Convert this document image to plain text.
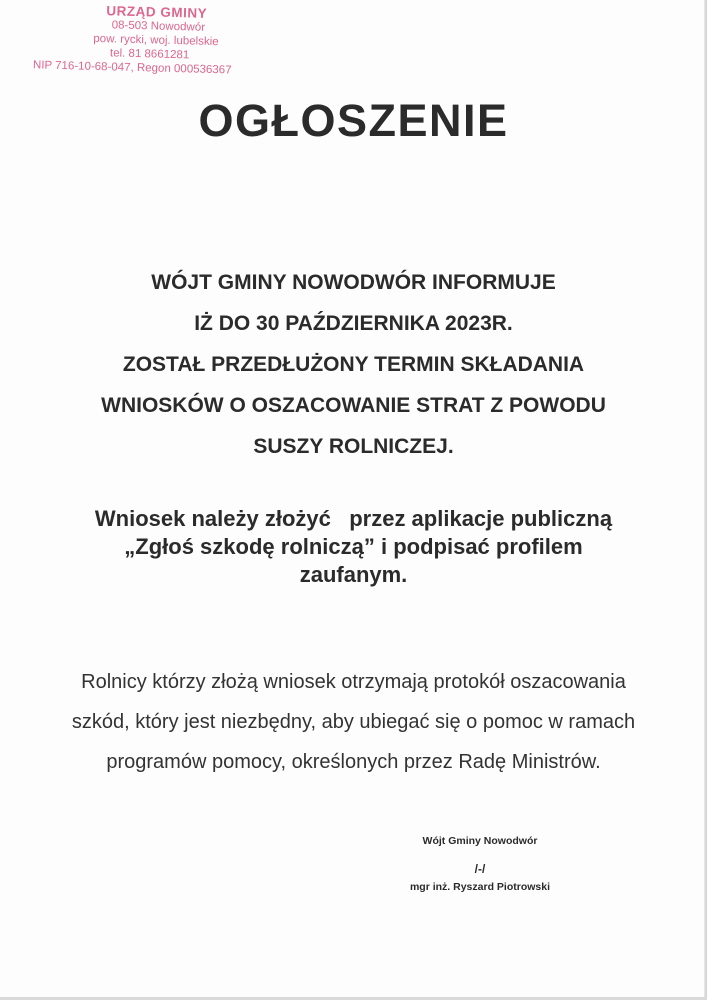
URZĄD GMINY
08-503 Nowodwór
pow. rycki, woj. lubelskie
tel. 81 8661281
NIP 716-10-68-047, Regon 000536367
OGŁOSZENIE
WÓJT GMINY NOWODWÓR INFORMUJE
IŻ DO 30 PAŹDZIERNIKA 2023R.
ZOSTAŁ PRZEDŁUŻONY TERMIN SKŁADANIA
WNIOSKÓW O OSZACOWANIE STRAT Z POWODU
SUSZY ROLNICZEJ.
Wniosek należy złożyć   przez aplikacje publiczną
„Zgłoś szkodę rolniczą” i podpisać profilem
zaufanym.
Rolnicy którzy złożą wniosek otrzymają protokół oszacowania
szkód, który jest niezbędny, aby ubiegać się o pomoc w ramach
programów pomocy, określonych przez Radę Ministrów.
Wójt Gminy Nowodwór
/-/
mgr inż. Ryszard Piotrowski
